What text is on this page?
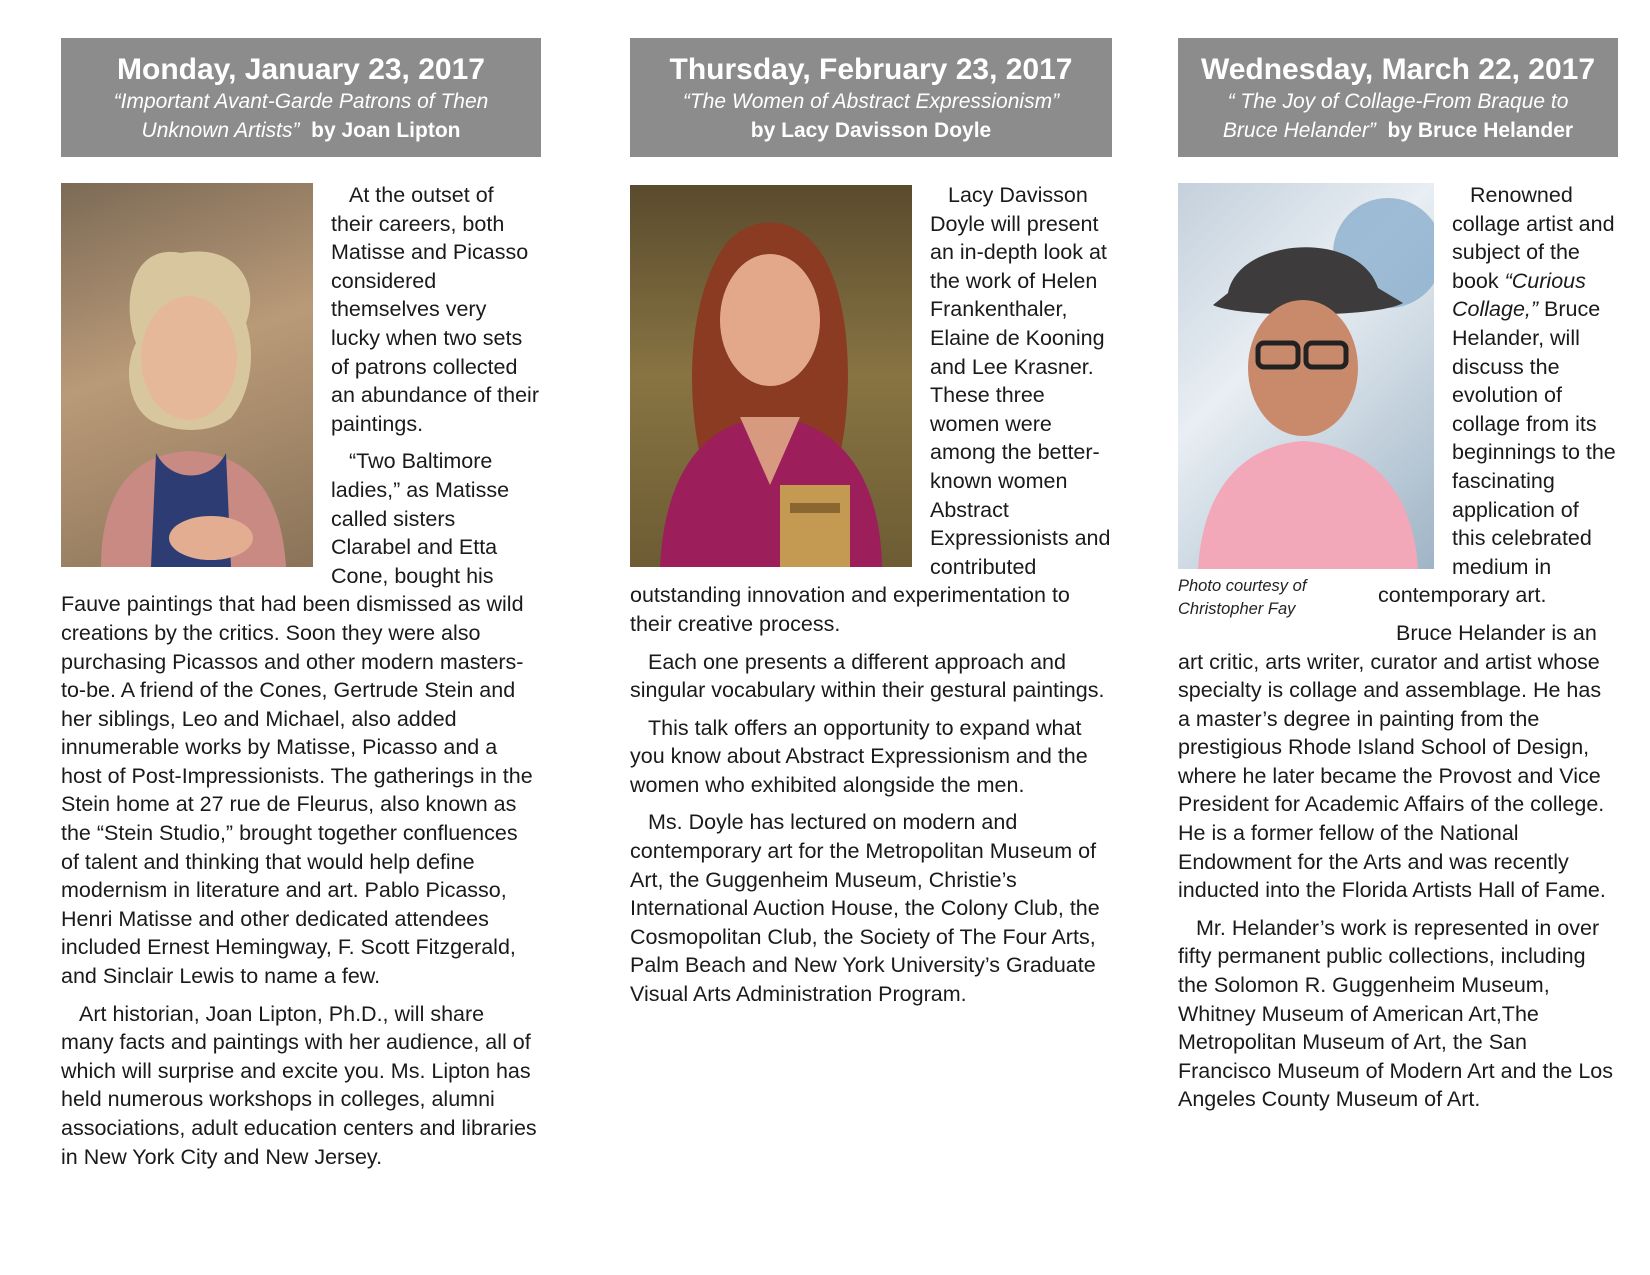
Monday, January 23, 2017
“Important Avant-Garde Patrons of Then
Unknown Artists” by Joan Lipton

At the outset of their careers, both Matisse and Picasso considered themselves very lucky when two sets of patrons collected an abundance of their paintings.

“Two Baltimore ladies,” as Matisse called sisters Clarabel and Etta Cone, bought his Fauve paintings that had been dismissed as wild creations by the critics. Soon they were also purchasing Picassos and other modern masters-to-be. A friend of the Cones, Gertrude Stein and her siblings, Leo and Michael, also added innumerable works by Matisse, Picasso and a host of Post-Impressionists. The gatherings in the Stein home at 27 rue de Fleurus, also known as the “Stein Studio,” brought together confluences of talent and thinking that would help define modernism in literature and art. Pablo Picasso, Henri Matisse and other dedicated attendees included Ernest Hemingway, F. Scott Fitzgerald, and Sinclair Lewis to name a few.

Art historian, Joan Lipton, Ph.D., will share many facts and paintings with her audience, all of which will surprise and excite you. Ms. Lipton has held numerous workshops in colleges, alumni associations, adult education centers and libraries in New York City and New Jersey.

Thursday, February 23, 2017
“The Women of Abstract Expressionism”
by Lacy Davisson Doyle

Lacy Davisson Doyle will present an in-depth look at the work of Helen Frankenthaler, Elaine de Kooning and Lee Krasner. These three women were among the better-known women Abstract Expressionists and contributed outstanding innovation and experimentation to their creative process.

Each one presents a different approach and singular vocabulary within their gestural paintings.

This talk offers an opportunity to expand what you know about Abstract Expressionism and the women who exhibited alongside the men.

Ms. Doyle has lectured on modern and contemporary art for the Metropolitan Museum of Art, the Guggenheim Museum, Christie’s International Auction House, the Colony Club, the Cosmopolitan Club, the Society of The Four Arts, Palm Beach and New York University’s Graduate Visual Arts Administration Program.

Wednesday, March 22, 2017
“ The Joy of Collage-From Braque to
Bruce Helander” by Bruce Helander
Photo courtesy of
Christopher Fay

Renowned collage artist and subject of the book “Curious Collage,” Bruce Helander, will discuss the evolution of collage from its beginnings to the fascinating application of this celebrated medium in contemporary art.

Bruce Helander is an art critic, arts writer, curator and artist whose specialty is collage and assemblage. He has a master’s degree in painting from the prestigious Rhode Island School of Design, where he later became the Provost and Vice President for Academic Affairs of the college. He is a former fellow of the National Endowment for the Arts and was recently inducted into the Florida Artists Hall of Fame.

Mr. Helander’s work is represented in over fifty permanent public collections, including the Solomon R. Guggenheim Museum, Whitney Museum of American Art,The Metropolitan Museum of Art, the San Francisco Museum of Modern Art and the Los Angeles County Museum of Art.
